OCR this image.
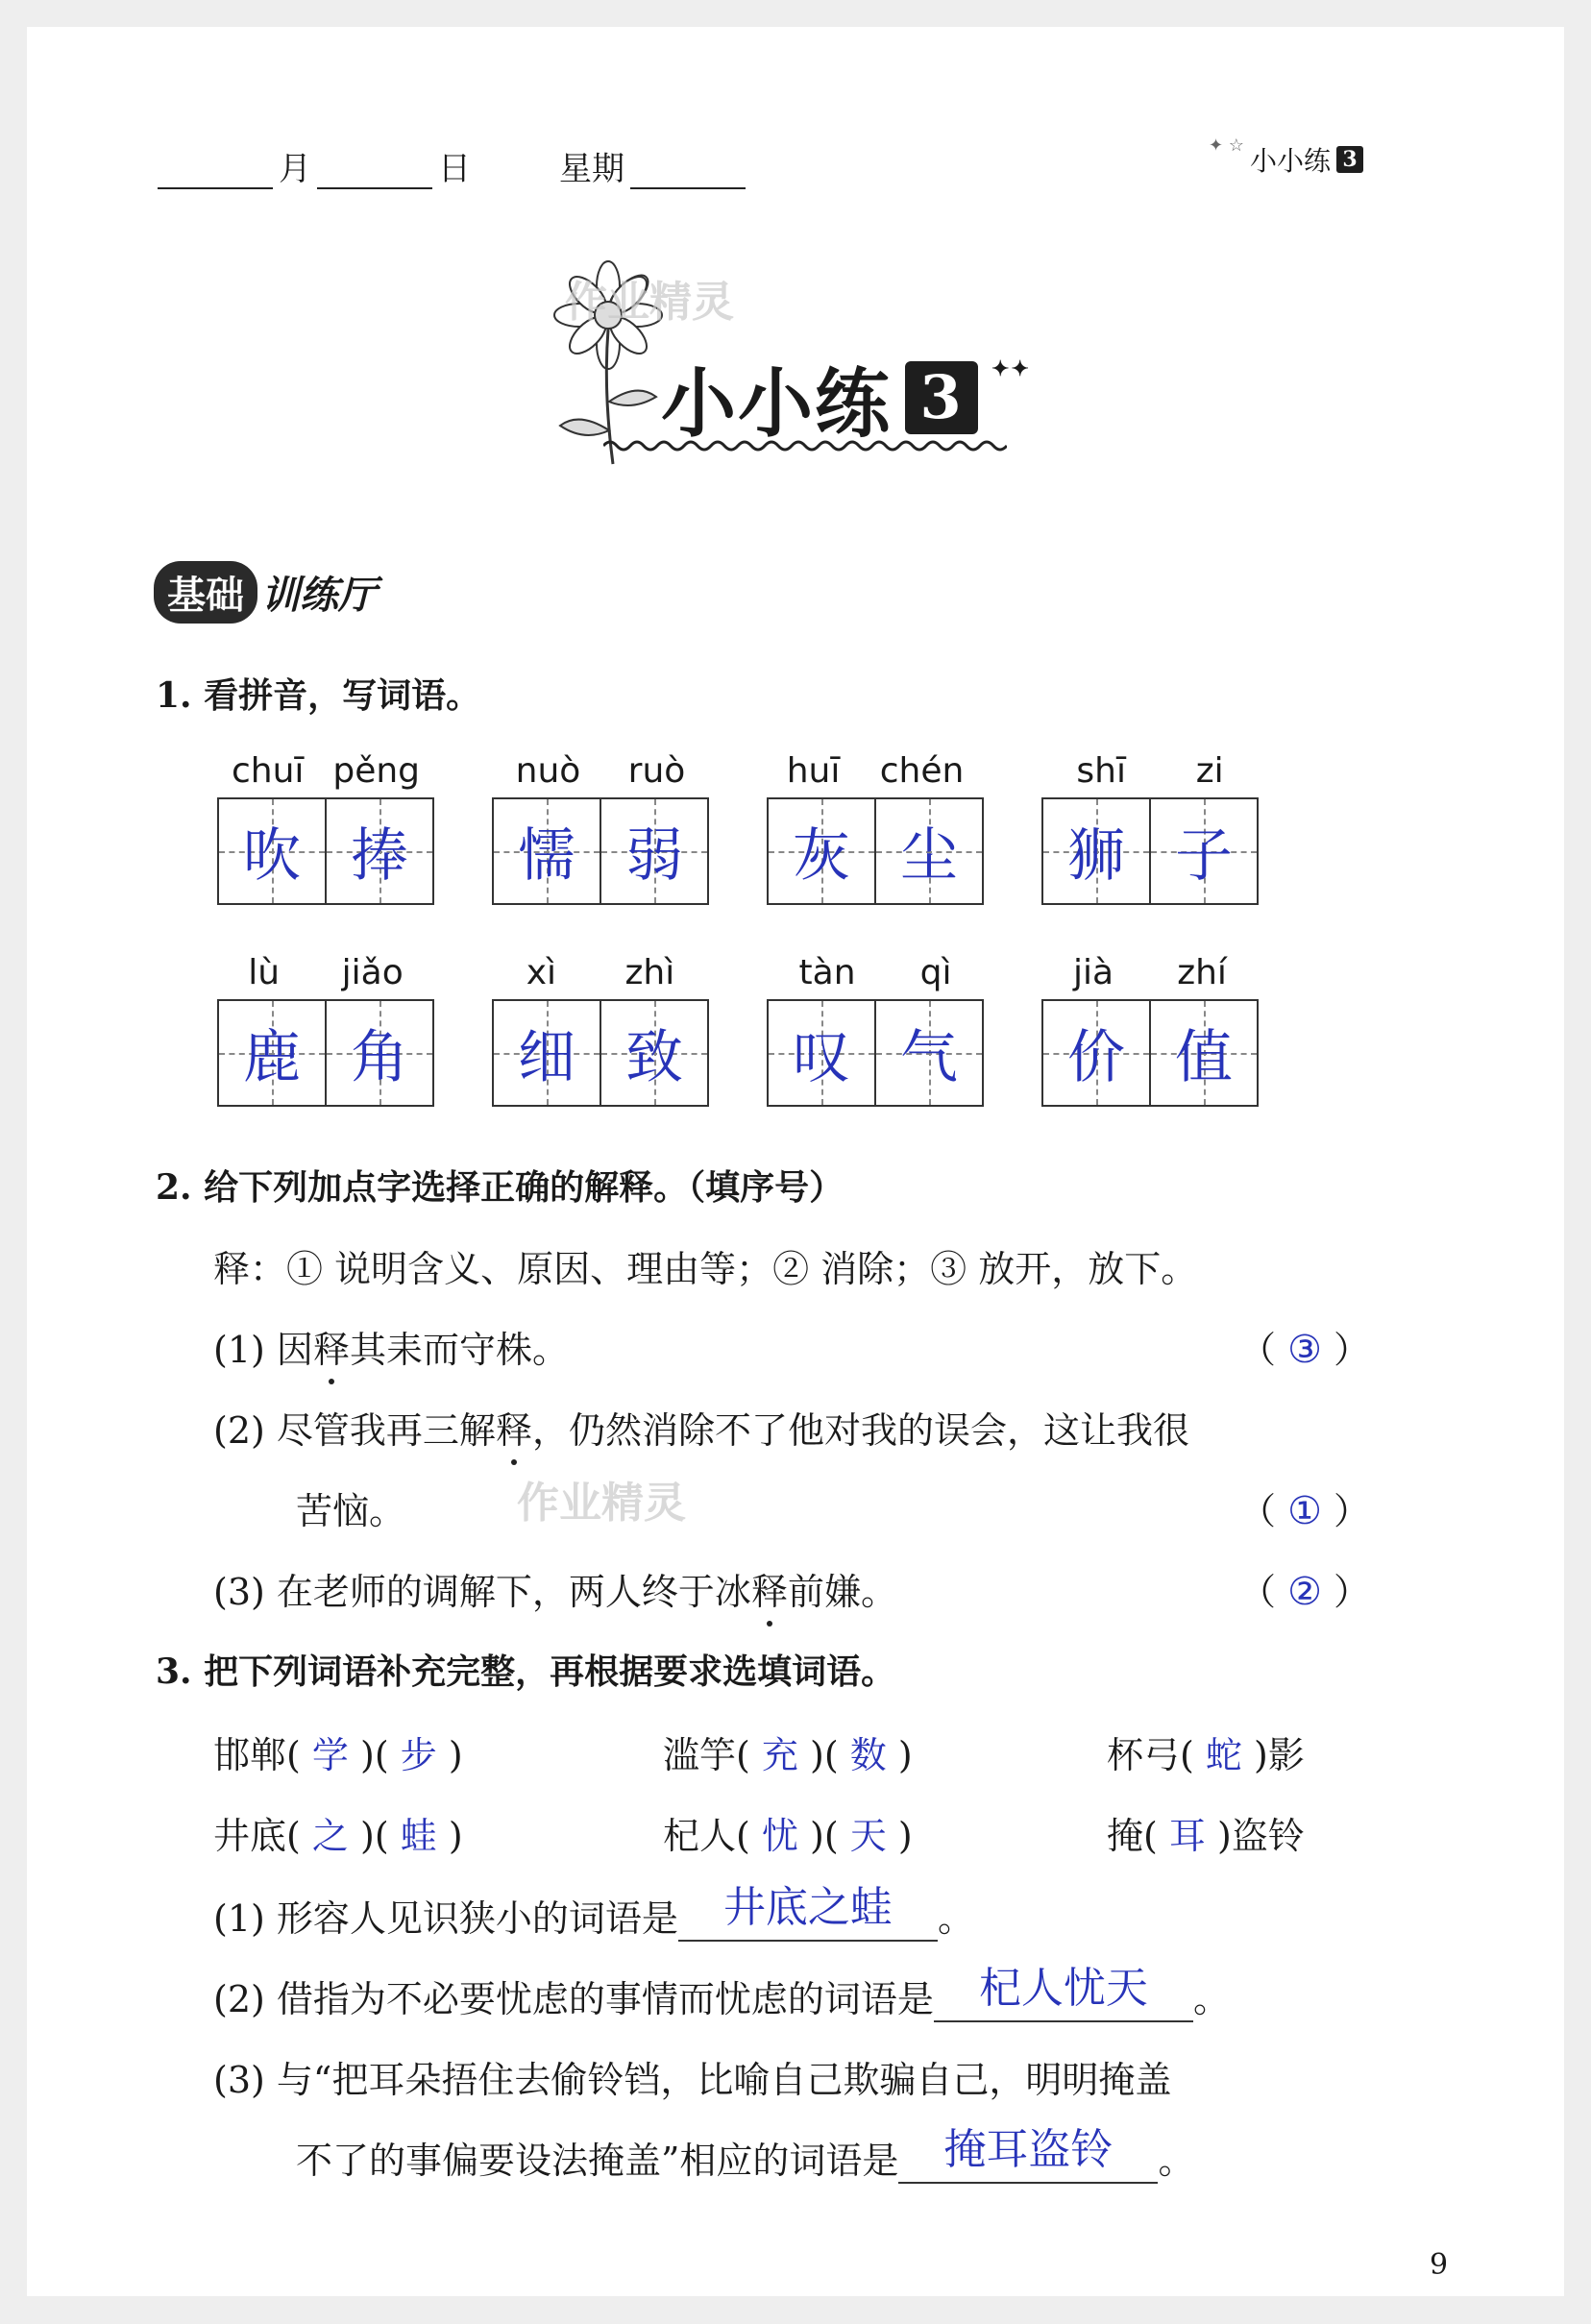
月	日	星期
✦ ☆ 小小练 3
作业精灵
小小练 3	✦✦
基础 训练厅
1. 看拼音，写词语。
chuī pěng
吹 捧
nuò ruò
懦 弱
huī chén
灰 尘
shī zi
狮 子
lù jiǎo
鹿 角
xì zhì
细 致
tàn qì
叹 气
jià zhí
价 值
2. 给下列加点字选择正确的解释。（填序号）
释：① 说明含义、原因、理由等；② 消除；③ 放开，放下。
(1) 因释其耒而守株。	（ ③ ）
(2) 尽管我再三解释，仍然消除不了他对我的误会，这让我很
苦恼。	作业精灵	（ ① ）
(3) 在老师的调解下，两人终于冰释前嫌。	（ ② ）
3. 把下列词语补充完整，再根据要求选填词语。
邯郸( 学 )( 步 )	滥竽( 充 )( 数 )	杯弓( 蛇 )影
井底( 之 )( 蛙 )	杞人( 忧 )( 天 )	掩( 耳 )盗铃
(1) 形容人见识狭小的词语是	井底之蛙	。
(2) 借指为不必要忧虑的事情而忧虑的词语是	杞人忧天	。
(3) 与“把耳朵捂住去偷铃铛，比喻自己欺骗自己，明明掩盖
不了的事偏要设法掩盖”相应的词语是	掩耳盗铃	。
9
